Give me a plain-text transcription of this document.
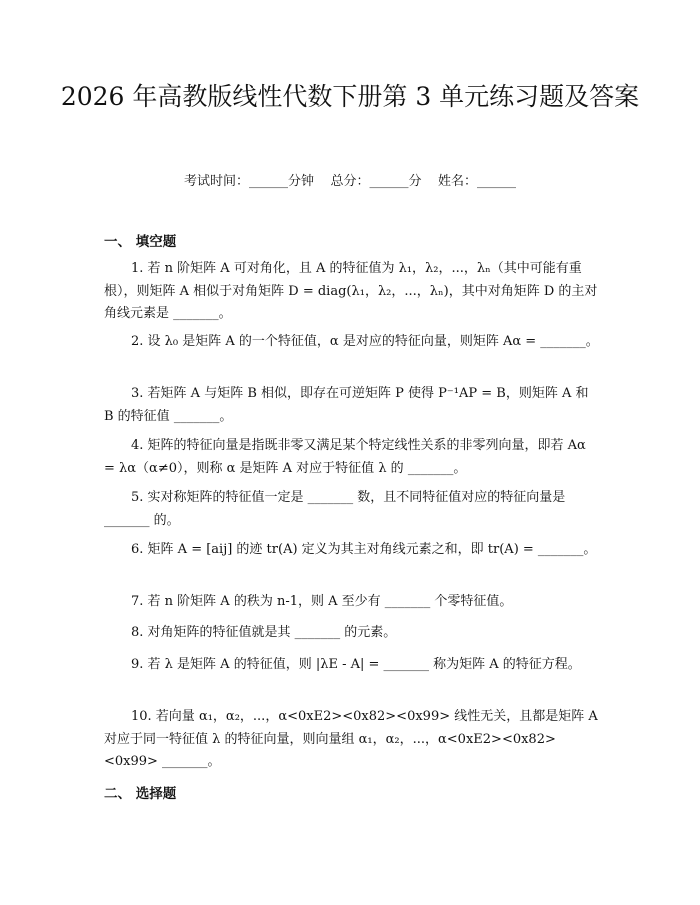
2026 年高教版线性代数下册第 3 单元练习题及答案
考试时间：______分钟    总分：______分    姓名：______
一、 填空题
1. 若 n 阶矩阵 A 可对角化，且 A 的特征值为 λ₁，λ₂，...，λₙ（其中可能有重根），则矩阵 A 相似于对角矩阵 D = diag(λ₁，λ₂，...，λₙ)，其中对角矩阵 D 的主对角线元素是 _______。
2. 设 λ₀ 是矩阵 A 的一个特征值，α 是对应的特征向量，则矩阵 Aα = _______。
3. 若矩阵 A 与矩阵 B 相似，即存在可逆矩阵 P 使得 P⁻¹AP = B，则矩阵 A 和 B 的特征值 _______。
4. 矩阵的特征向量是指既非零又满足某个特定线性关系的非零列向量，即若 Aα = λα（α≠0），则称 α 是矩阵 A 对应于特征值 λ 的 _______。
5. 实对称矩阵的特征值一定是 _______ 数，且不同特征值对应的特征向量是 _______ 的。
6. 矩阵 A = [aij] 的迹 tr(A) 定义为其主对角线元素之和，即 tr(A) = _______。
7. 若 n 阶矩阵 A 的秩为 n-1，则 A 至少有 _______ 个零特征值。
8. 对角矩阵的特征值就是其 _______ 的元素。
9. 若 λ 是矩阵 A 的特征值，则 |λE - A| = _______ 称为矩阵 A 的特征方程。
10. 若向量 α₁，α₂，...，α<0xE2><0x82><0x99> 线性无关，且都是矩阵 A 对应于同一特征值 λ 的特征向量，则向量组 α₁，α₂，...，α<0xE2><0x82><0x99> _______。
二、 选择题
